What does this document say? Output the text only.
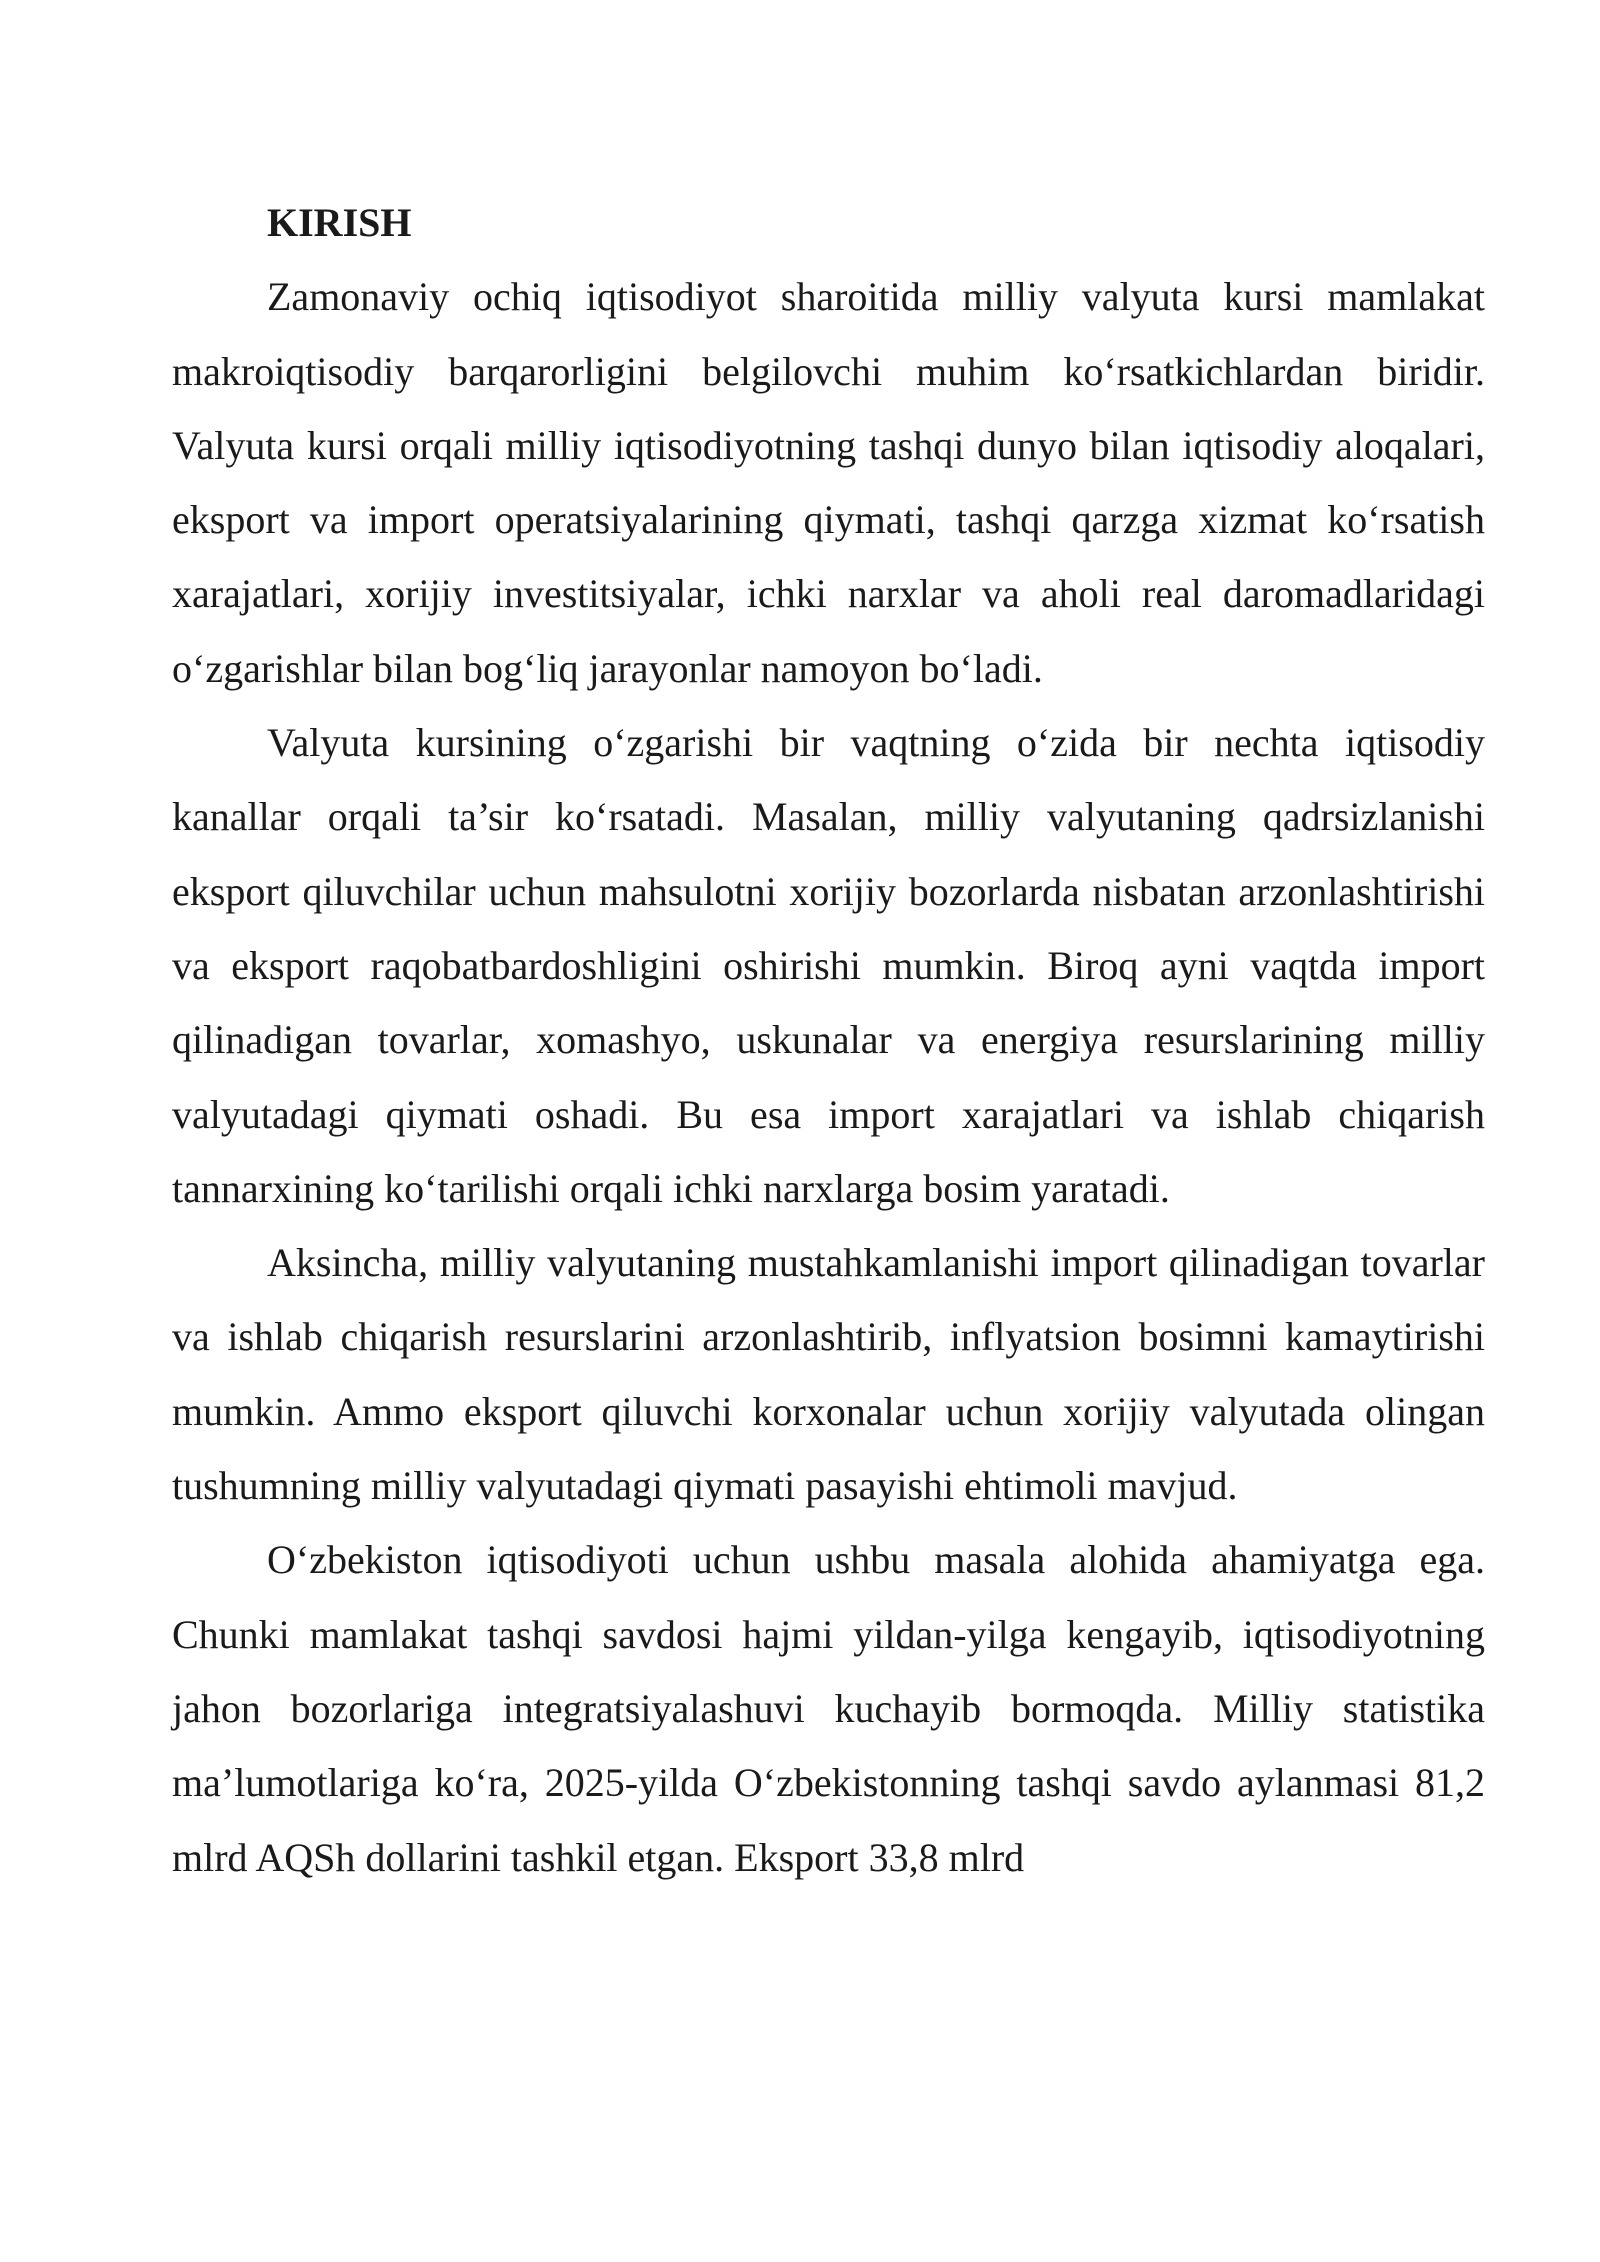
KIRISH

Zamonaviy ochiq iqtisodiyot sharoitida milliy valyuta kursi mamlakat makroiqtisodiy barqarorligini belgilovchi muhim ko‘rsatkichlardan biridir. Valyuta kursi orqali milliy iqtisodiyotning tashqi dunyo bilan iqtisodiy aloqalari, eksport va import operatsiyalarining qiymati, tashqi qarzga xizmat ko‘rsatish xarajatlari, xorijiy investitsiyalar, ichki narxlar va aholi real daromadlaridagi o‘zgarishlar bilan bog‘liq jarayonlar namoyon bo‘ladi.

Valyuta kursining o‘zgarishi bir vaqtning o‘zida bir nechta iqtisodiy kanallar orqali ta’sir ko‘rsatadi. Masalan, milliy valyutaning qadrsizlanishi eksport qiluvchilar uchun mahsulotni xorijiy bozorlarda nisbatan arzonlashtirishi va eksport raqobatbardoshligini oshirishi mumkin. Biroq ayni vaqtda import qilinadigan tovarlar, xomashyo, uskunalar va energiya resurslarining milliy valyutadagi qiymati oshadi. Bu esa import xarajatlari va ishlab chiqarish tannarxining ko‘tarilishi orqali ichki narxlarga bosim yaratadi.

Aksincha, milliy valyutaning mustahkamlanishi import qilinadigan tovarlar va ishlab chiqarish resurslarini arzonlashtirib, inflyatsion bosimni kamaytirishi mumkin. Ammo eksport qiluvchi korxonalar uchun xorijiy valyutada olingan tushumning milliy valyutadagi qiymati pasayishi ehtimoli mavjud.

O‘zbekiston iqtisodiyoti uchun ushbu masala alohida ahamiyatga ega. Chunki mamlakat tashqi savdosi hajmi yildan-yilga kengayib, iqtisodiyotning jahon bozorlariga integratsiyalashuvi kuchayib bormoqda. Milliy statistika ma’lumotlariga ko‘ra, 2025-yilda O‘zbekistonning tashqi savdo aylanmasi 81,2 mlrd AQSh dollarini tashkil etgan. Eksport 33,8 mlrd
